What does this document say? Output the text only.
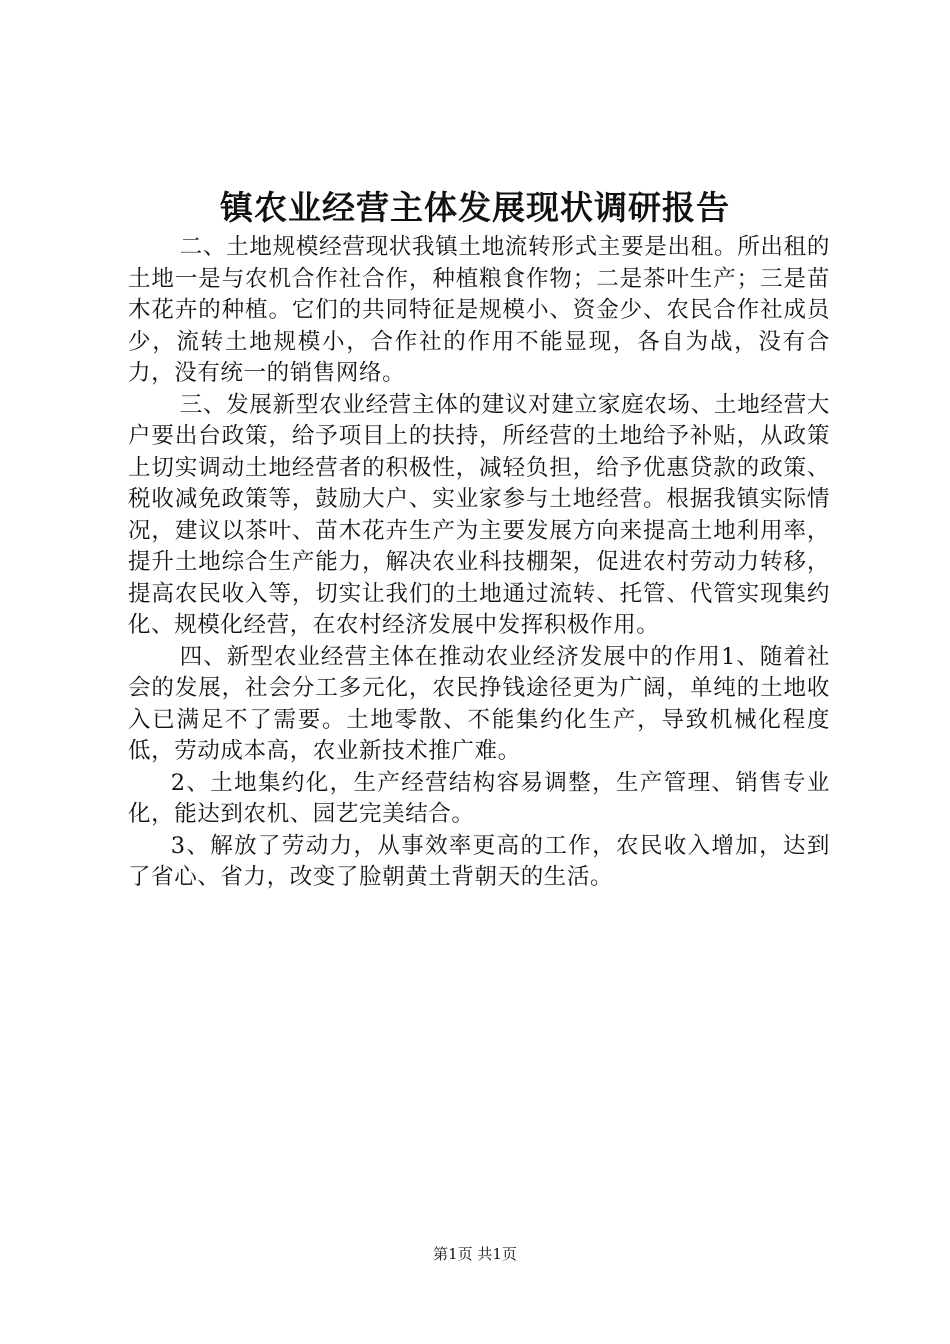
镇农业经营主体发展现状调研报告

二、土地规模经营现状我镇土地流转形式主要是出租。所出租的土地一是与农机合作社合作，种植粮食作物；二是茶叶生产；三是苗木花卉的种植。它们的共同特征是规模小、资金少、农民合作社成员少，流转土地规模小，合作社的作用不能显现，各自为战，没有合力，没有统一的销售网络。

三、发展新型农业经营主体的建议对建立家庭农场、土地经营大户要出台政策，给予项目上的扶持，所经营的土地给予补贴，从政策上切实调动土地经营者的积极性，减轻负担，给予优惠贷款的政策、税收减免政策等，鼓励大户、实业家参与土地经营。根据我镇实际情况，建议以茶叶、苗木花卉生产为主要发展方向来提高土地利用率，提升土地综合生产能力，解决农业科技棚架，促进农村劳动力转移，提高农民收入等，切实让我们的土地通过流转、托管、代管实现集约化、规模化经营，在农村经济发展中发挥积极作用。

四、新型农业经营主体在推动农业经济发展中的作用1、随着社会的发展，社会分工多元化，农民挣钱途径更为广阔，单纯的土地收入已满足不了需要。土地零散、不能集约化生产，导致机械化程度低，劳动成本高，农业新技术推广难。

2、土地集约化，生产经营结构容易调整，生产管理、销售专业化，能达到农机、园艺完美结合。

3、解放了劳动力，从事效率更高的工作，农民收入增加，达到了省心、省力，改变了脸朝黄土背朝天的生活。

第1页 共1页
